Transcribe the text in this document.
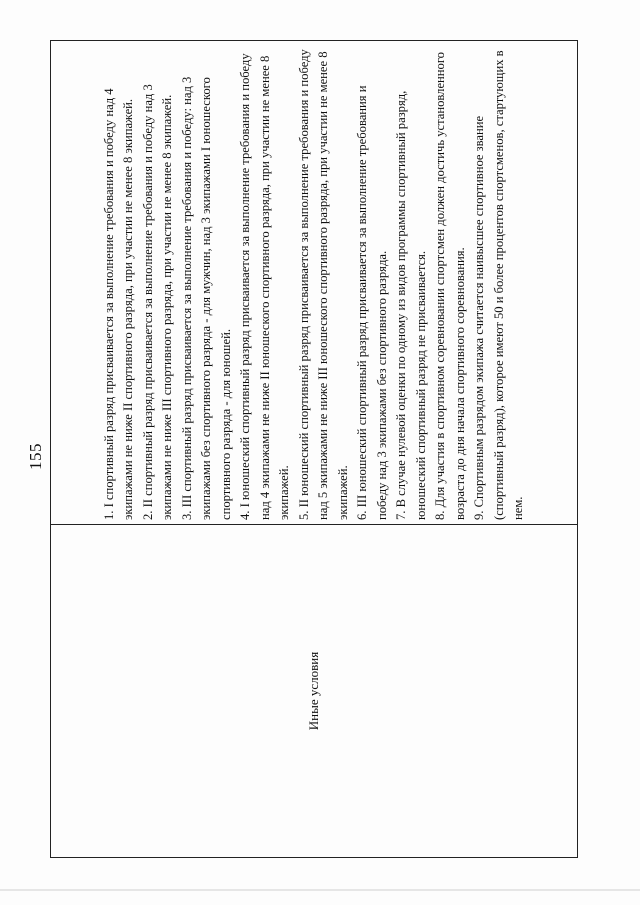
155
Иные условия	
1. I спортивный разряд присваивается за выполнение требования и победу над 4 экипажами не ниже II спортивного разряда, при участии не менее 8 экипажей. 2. II спортивный разряд присваивается за выполнение требования и победу над 3 экипажами не ниже III спортивного разряда, при участии не менее 8 экипажей. 3. III спортивный разряд присваивается за выполнение требования и победу: над 3 экипажами без спортивного разряда - для мужчин, над 3 экипажами I юношеского спортивного разряда - для юношей. 4. I юношеский спортивный разряд присваивается за выполнение требования и победу над 4 экипажами не ниже II юношеского спортивного разряда, при участии не менее 8 экипажей. 5. II юношеский спортивный разряд присваивается за выполнение требования и победу над 5 экипажами не ниже III юношеского спортивного разряда, при участии не менее 8 экипажей. 6. III юношеский спортивный разряд присваивается за выполнение требования и победу над 3 экипажами без спортивного разряда. 7. В случае нулевой оценки по одному из видов программы спортивный разряд, юношеский спортивный разряд не присваивается. 8. Для участия в спортивном соревновании спортсмен должен достичь установленного возраста до дня начала спортивного соревнования. 9. Спортивным разрядом экипажа считается наивысшее спортивное звание (спортивный разряд), которое имеют 50 и более процентов спортсменов, стартующих в нем.
